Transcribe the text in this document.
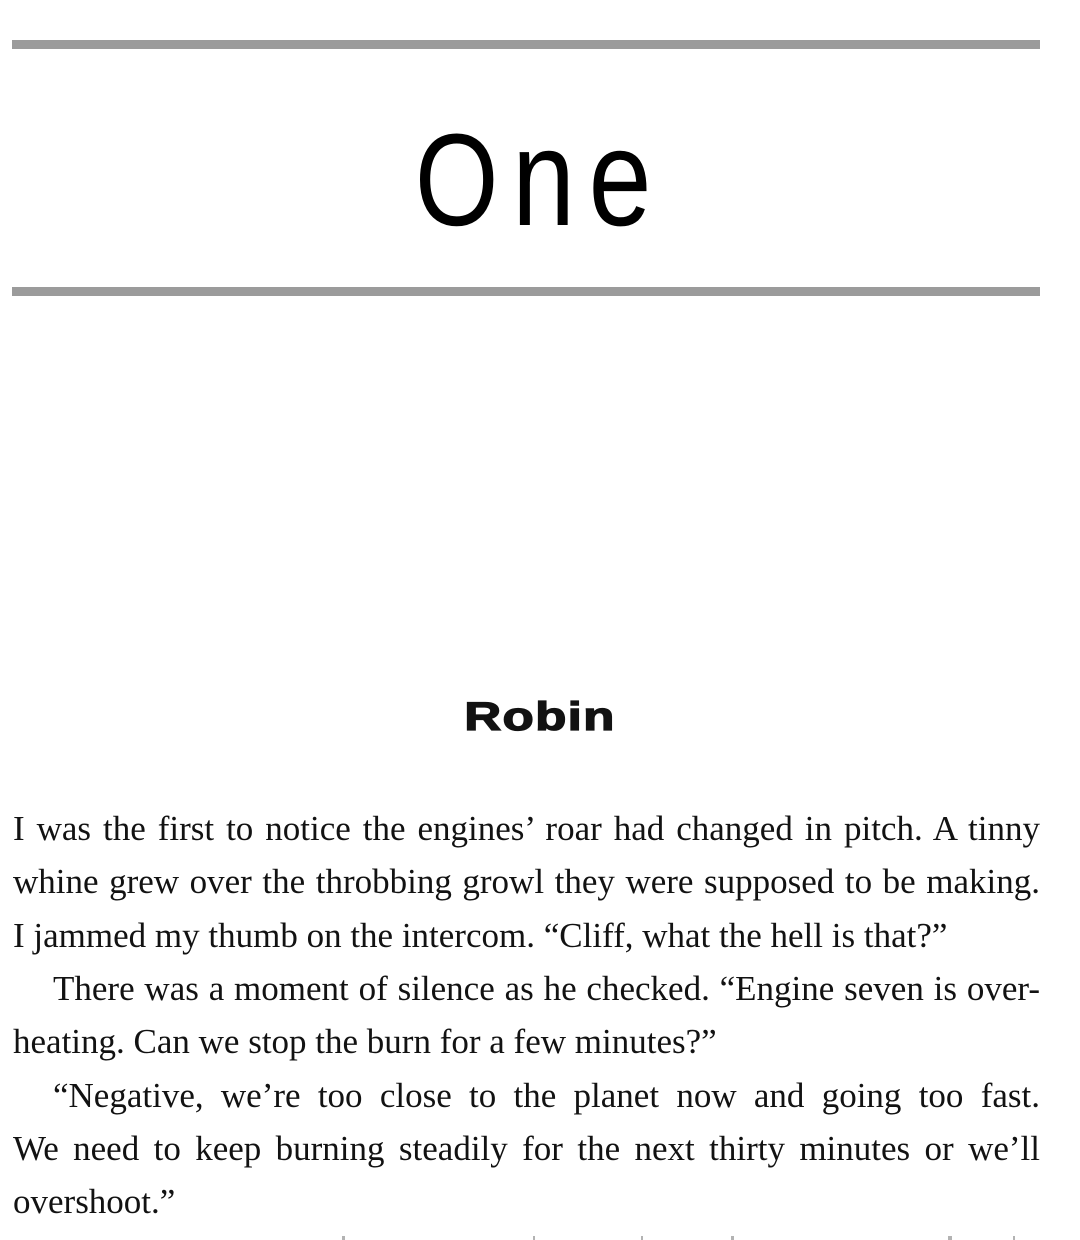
One
Robin

I was the first to notice the engines’ roar had changed in pitch. A tinny
whine grew over the throbbing growl they were supposed to be making.
I jammed my thumb on the intercom. “Cliff, what the hell is that?”

There was a moment of silence as he checked. “Engine seven is over-
heating. Can we stop the burn for a few minutes?”

“Negative, we’re too close to the planet now and going too fast.
We need to keep burning steadily for the next thirty minutes or we’ll
overshoot.”
